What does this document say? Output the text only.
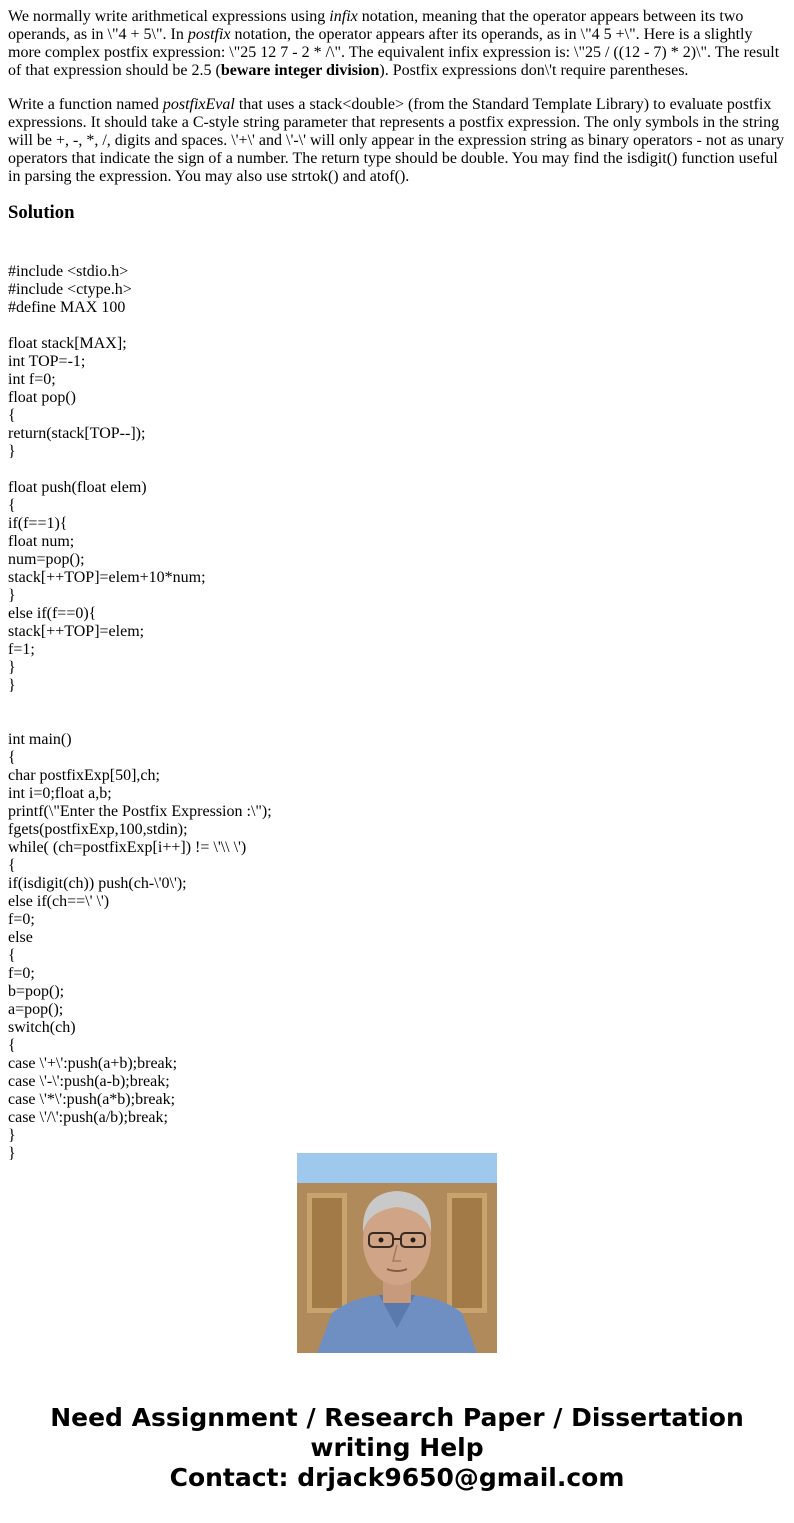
We normally write arithmetical expressions using infix notation, meaning that the operator appears between its two operands, as in \"4 + 5\". In postfix notation, the operator appears after its operands, as in \"4 5 +\". Here is a slightly more complex postfix expression: \"25 12 7 - 2 * /\". The equivalent infix expression is: \"25 / ((12 - 7) * 2)\". The result of that expression should be 2.5 (beware integer division). Postfix expressions don\'t require parentheses.

Write a function named postfixEval that uses a stack<double> (from the Standard Template Library) to evaluate postfix expressions. It should take a C-style string parameter that represents a postfix expression. The only symbols in the string will be +, -, *, /, digits and spaces. \'+\' and \'-\' will only appear in the expression string as binary operators - not as unary operators that indicate the sign of a number. The return type should be double. You may find the isdigit() function useful in parsing the expression. You may also use strtok() and atof().

Solution
#include <stdio.h>
#include <ctype.h>
#define MAX 100
float stack[MAX];
int TOP=-1;
int f=0;
float pop()
{
return(stack[TOP--]);
}
float push(float elem)
{
if(f==1){
float num;
num=pop();
stack[++TOP]=elem+10*num;
}
else if(f==0){
stack[++TOP]=elem;
f=1;
}
}
int main()
{
char postfixExp[50],ch;
int i=0;float a,b;
printf(\"Enter the Postfix Expression :\");
fgets(postfixExp,100,stdin);
while( (ch=postfixExp[i++]) != \'\\ \')
{
if(isdigit(ch)) push(ch-\'0\');
else if(ch==\' \')
f=0;
else
{
f=0;
b=pop();
a=pop();
switch(ch)
{
case \'+\':push(a+b);break;
case \'-\':push(a-b);break;
case \'*\':push(a*b);break;
case \'/\':push(a/b);break;
}
}
Need Assignment / Research Paper / Dissertation
writing Help
Contact: drjack9650@gmail.com
